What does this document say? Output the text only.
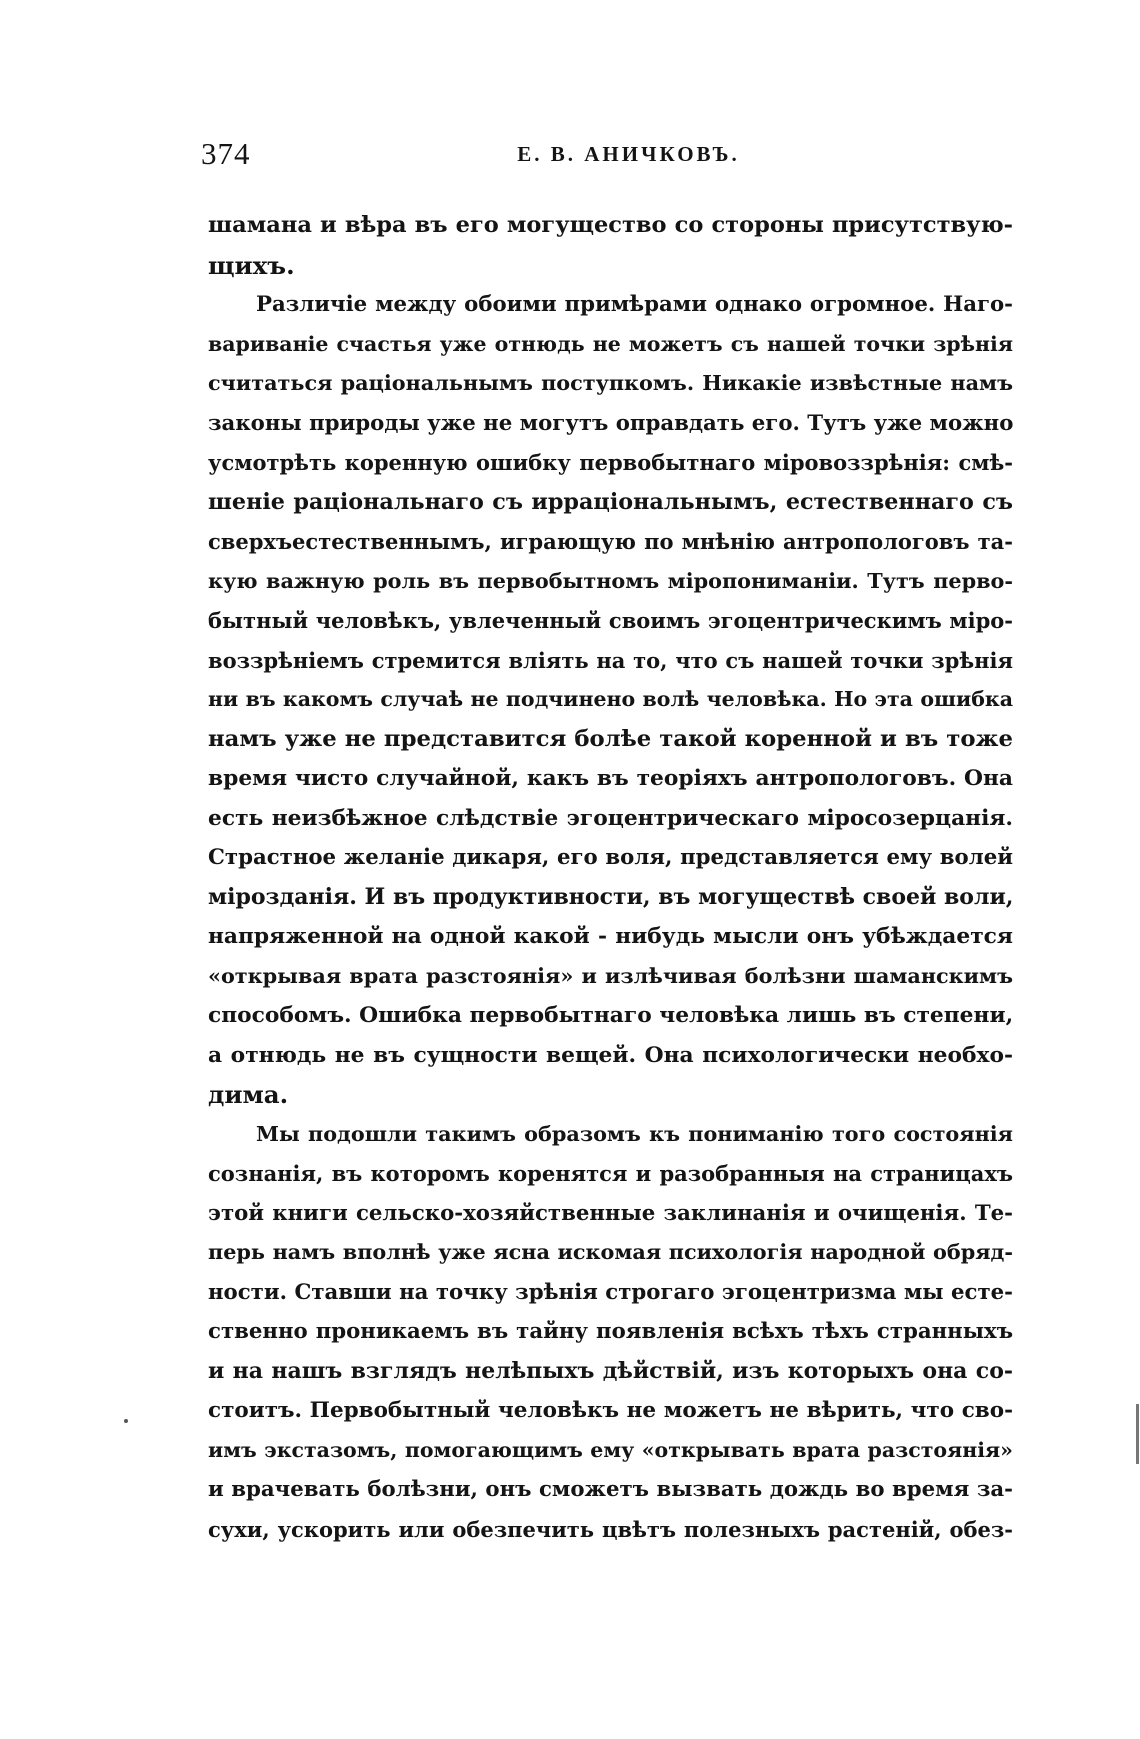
374	Е. В. АНИЧКОВЪ.
шамана и вѣра въ его могущество со стороны присутствую-
щихъ.
Различіе между обоими примѣрами однако огромное. Наго-
вариваніе счастья уже отнюдь не можетъ съ нашей точки зрѣнія
считаться раціональнымъ поступкомъ. Никакіе извѣстные намъ
законы природы уже не могутъ оправдать его. Тутъ уже можно
усмотрѣть коренную ошибку первобытнаго міровоззрѣнія: смѣ-
шеніе раціональнаго съ ирраціональнымъ, естественнаго съ
сверхъестественнымъ, играющую по мнѣнію антропологовъ та-
кую важную роль въ первобытномъ міропониманіи. Тутъ перво-
бытный человѣкъ, увлеченный своимъ эгоцентрическимъ міро-
воззрѣніемъ стремится вліять на то, что съ нашей точки зрѣнія
ни въ какомъ случаѣ не подчинено волѣ человѣка. Но эта ошибка
намъ уже не представится болѣе такой коренной и въ тоже
время чисто случайной, какъ въ теоріяхъ антропологовъ. Она
есть неизбѣжное слѣдствіе эгоцентрическаго міросозерцанія.
Страстное желаніе дикаря, его воля, представляется ему волей
мірозданія. И въ продуктивности, въ могуществѣ своей воли,
напряженной на одной какой - нибудь мысли онъ убѣждается
«открывая врата разстоянія» и излѣчивая болѣзни шаманскимъ
способомъ. Ошибка первобытнаго человѣка лишь въ степени,
а отнюдь не въ сущности вещей. Она психологически необхо-
дима.
Мы подошли такимъ образомъ къ пониманію того состоянія
сознанія, въ которомъ коренятся и разобранныя на страницахъ
этой книги сельско-хозяйственные заклинанія и очищенія. Те-
перь намъ вполнѣ уже ясна искомая психологія народной обряд-
ности. Ставши на точку зрѣнія строгаго эгоцентризма мы есте-
ственно проникаемъ въ тайну появленія всѣхъ тѣхъ странныхъ
и на нашъ взглядъ нелѣпыхъ дѣйствій, изъ которыхъ она со-
стоитъ. Первобытный человѣкъ не можетъ не вѣрить, что сво-
имъ экстазомъ, помогающимъ ему «открывать врата разстоянія»
и врачевать болѣзни, онъ сможетъ вызвать дождь во время за-
сухи, ускорить или обезпечить цвѣтъ полезныхъ растеній, обез-
